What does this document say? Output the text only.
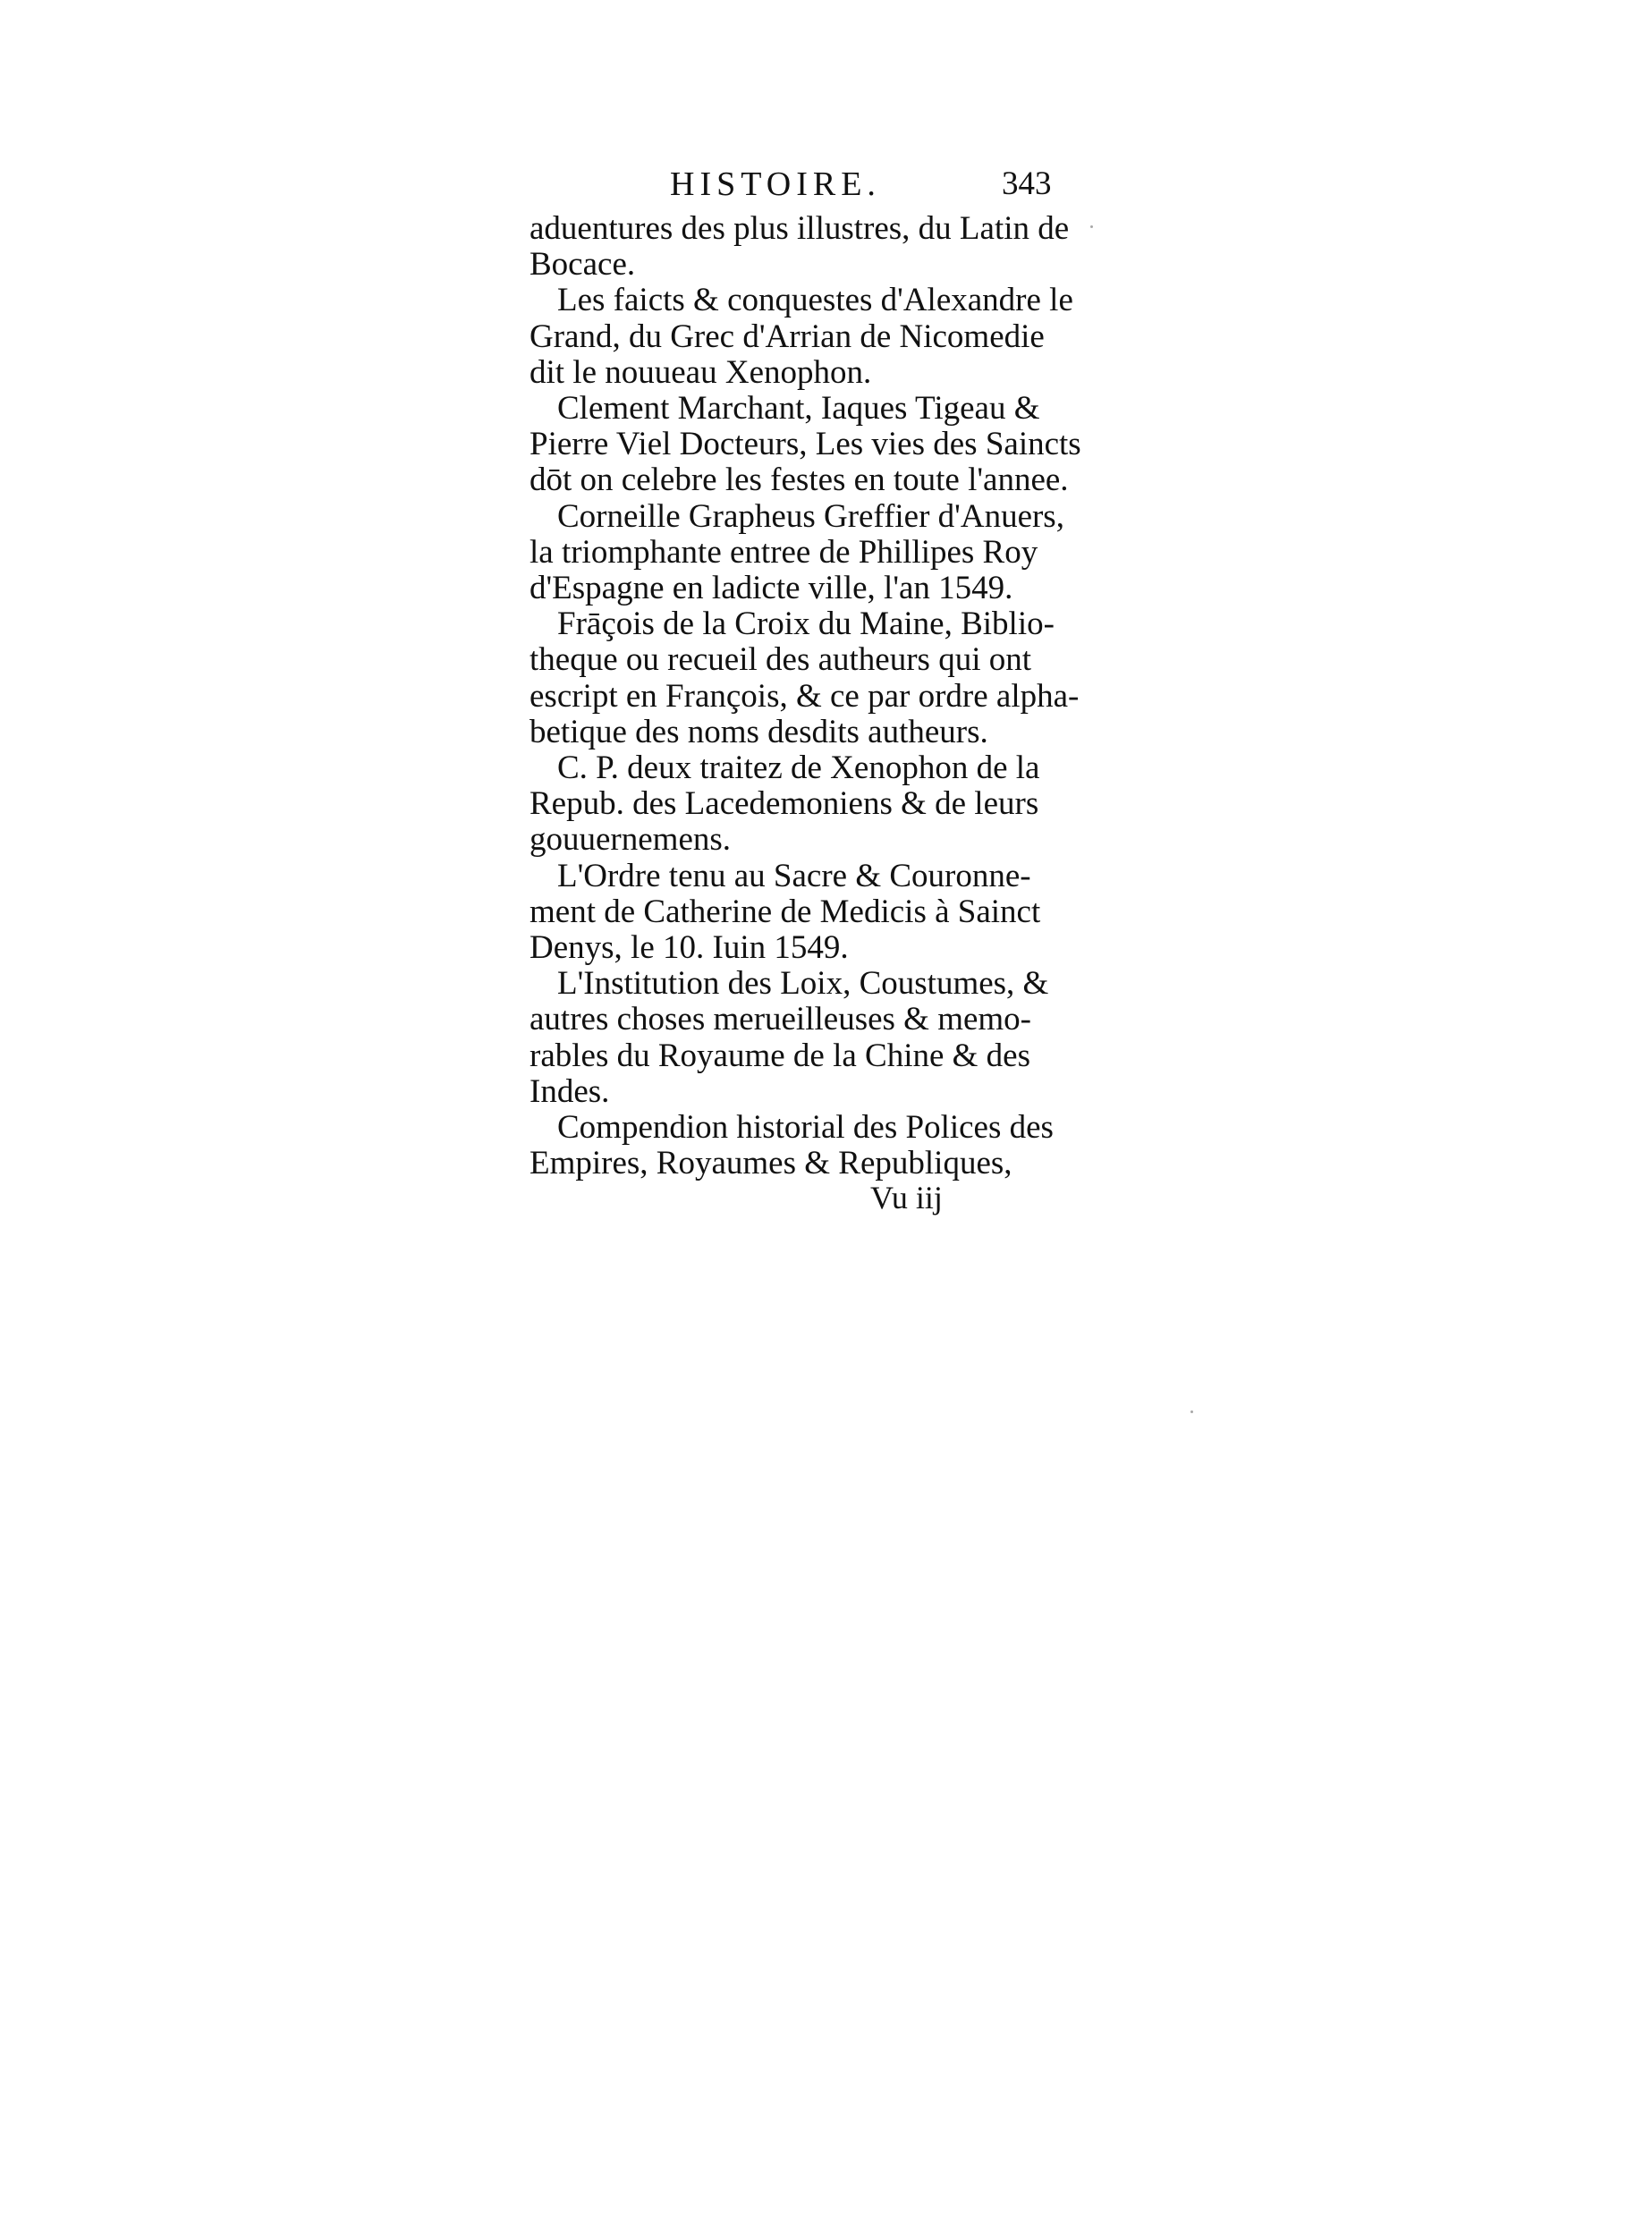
HISTOIRE.	343
aduentures des plus illustres, du Latin de
Bocace.
Les faicts & conquestes d'Alexandre le
Grand, du Grec d'Arrian de Nicomedie
dit le nouueau Xenophon.
Clement Marchant, Iaques Tigeau &
Pierre Viel Docteurs, Les vies des Saincts
dōt on celebre les festes en toute l'annee.
Corneille Grapheus Greffier d'Anuers,
la triomphante entree de Phillipes Roy
d'Espagne en ladicte ville, l'an 1549.
Frāçois de la Croix du Maine, Biblio-
theque ou recueil des autheurs qui ont
escript en François, & ce par ordre alpha-
betique des noms desdits autheurs.
C. P. deux traitez de Xenophon de la
Repub. des Lacedemoniens & de leurs
gouuernemens.
L'Ordre tenu au Sacre & Couronne-
ment de Catherine de Medicis à Sainct
Denys, le 10. Iuin 1549.
L'Institution des Loix, Coustumes, &
autres choses merueilleuses & memo-
rables du Royaume de la Chine & des
Indes.
Compendion historial des Polices des
Empires, Royaumes & Republiques,
Vu iij
